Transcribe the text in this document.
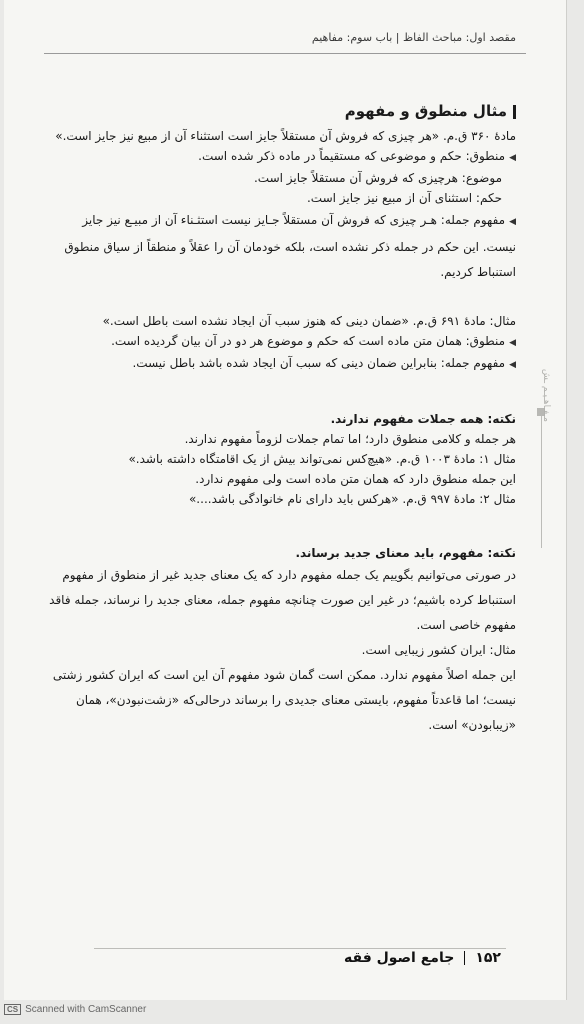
مقصد اول: مباحث الفاظ | باب سوم: مفاهیم
مثال منطوق و مفهوم
مادۀ ۳۶۰ ق.م. «هر چیزی که فروش آن مستقلاً جایز است استثناء آن از مبیع نیز جایز است.»
◀منطوق: حکم و موضوعی که مستقیماً در ماده ذکر شده است.
موضوع: هرچیزی که فروش آن مستقلاً جایز است.
حکم: استثنای آن از مبیع نیز جایز است.
◀مفهوم جمله: هـر چیزی که فروش آن مستقلاً جـایز نیست استثـناء آن از مبیـع نیز جایز
نیست. این حکم در جمله ذکر نشده است، بلکه خودمان آن را عقلاً و منطقاً از سیاق منطوق
استنباط کردیم.
مثال: مادۀ ۶۹۱ ق.م. «ضمان دینی که هنوز سبب آن ایجاد نشده است باطل است.»
◀منطوق: همان متن ماده است که حکم و موضوع هر دو در آن بیان گردیده است.
◀مفهوم جمله: بنابراین ضمان دینی که سبب آن ایجاد شده باشد باطل نیست.
نکته: همه جملات مفهوم ندارند.
هر جمله و کلامی منطوق دارد؛ اما تمام جملات لزوماً مفهوم ندارند.
مثال ۱: مادۀ ۱۰۰۳ ق.م. «هیچ‌کس نمی‌تواند بیش از یک اقامتگاه داشته باشد.»
این جمله منطوق دارد که همان متن ماده است ولی مفهوم ندارد.
مثال ۲: مادۀ ۹۹۷ ق.م. «هرکس باید دارای نام خانوادگی باشد....»
نکته: مفهوم، باید معنای جدید برساند.
در صورتی می‌توانیم بگوییم یک جمله مفهوم دارد که یک معنای جدید غیر از منطوق از مفهوم
استنباط کرده باشیم؛ در غیر این صورت چنانچه مفهوم جمله، معنای جدید را نرساند، جمله فاقد
مفهوم خاصی است.
مثال: ایران کشور زیبایی است.
این جمله اصلاً مفهوم ندارد. ممکن است گمان شود مفهوم آن این است که ایران کشور زشتی
نیست؛ اما قاعدتاً مفهوم، بایستی معنای جدیدی را برساند درحالی‌که «زشت‌نبودن»، همان
«زیبابودن» است.
مـفـاهـیـم ـش
۱۵۲جامع اصول فقه
CS Scanned with CamScanner
